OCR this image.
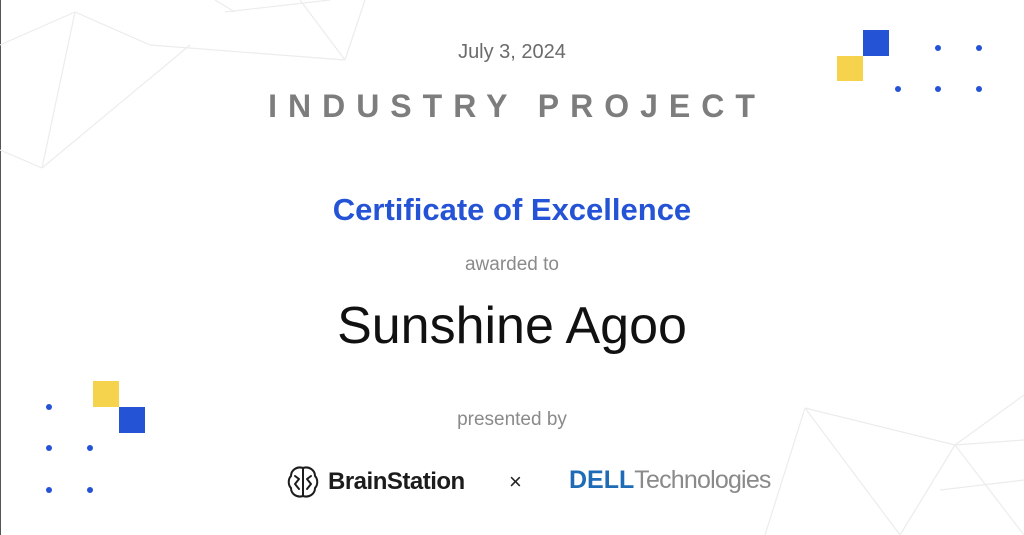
July 3, 2024
INDUSTRY PROJECT
Certificate of Excellence
awarded to
Sunshine Agoo
presented by
BrainStation × DELL Technologies
